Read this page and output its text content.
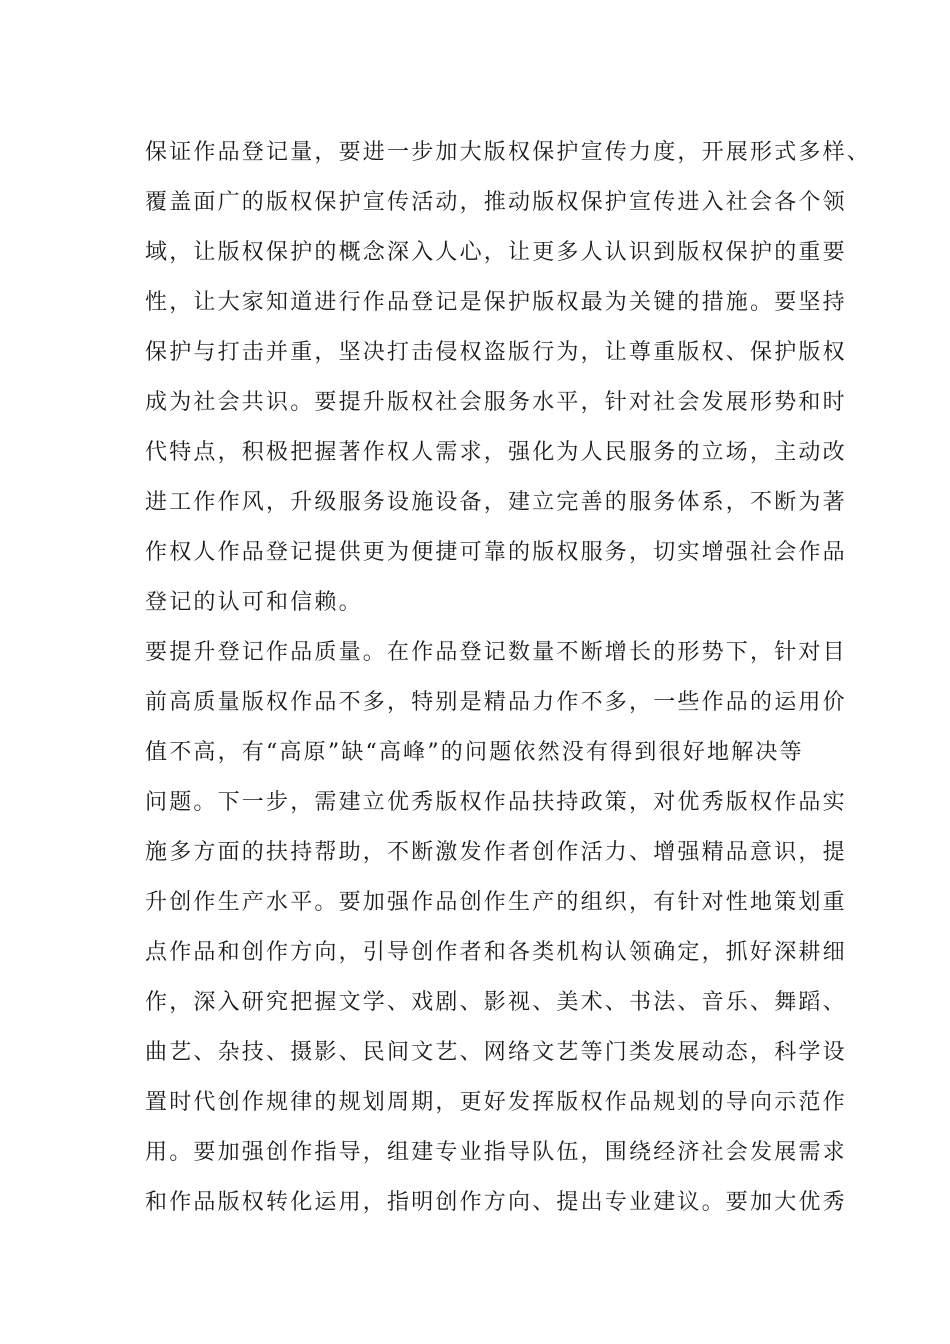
保证作品登记量，要进一步加大版权保护宣传力度，开展形式多样、
覆盖面广的版权保护宣传活动，推动版权保护宣传进入社会各个领
域，让版权保护的概念深入人心，让更多人认识到版权保护的重要
性，让大家知道进行作品登记是保护版权最为关键的措施。要坚持
保护与打击并重，坚决打击侵权盗版行为，让尊重版权、保护版权
成为社会共识。要提升版权社会服务水平，针对社会发展形势和时
代特点，积极把握著作权人需求，强化为人民服务的立场，主动改
进工作作风，升级服务设施设备，建立完善的服务体系，不断为著
作权人作品登记提供更为便捷可靠的版权服务，切实增强社会作品
登记的认可和信赖。
要提升登记作品质量。在作品登记数量不断增长的形势下，针对目
前高质量版权作品不多，特别是精品力作不多，一些作品的运用价
值不高，有“高原”缺“高峰”的问题依然没有得到很好地解决等
问题。下一步，需建立优秀版权作品扶持政策，对优秀版权作品实
施多方面的扶持帮助，不断激发作者创作活力、增强精品意识，提
升创作生产水平。要加强作品创作生产的组织，有针对性地策划重
点作品和创作方向，引导创作者和各类机构认领确定，抓好深耕细
作，深入研究把握文学、戏剧、影视、美术、书法、音乐、舞蹈、
曲艺、杂技、摄影、民间文艺、网络文艺等门类发展动态，科学设
置时代创作规律的规划周期，更好发挥版权作品规划的导向示范作
用。要加强创作指导，组建专业指导队伍，围绕经济社会发展需求
和作品版权转化运用，指明创作方向、提出专业建议。要加大优秀
